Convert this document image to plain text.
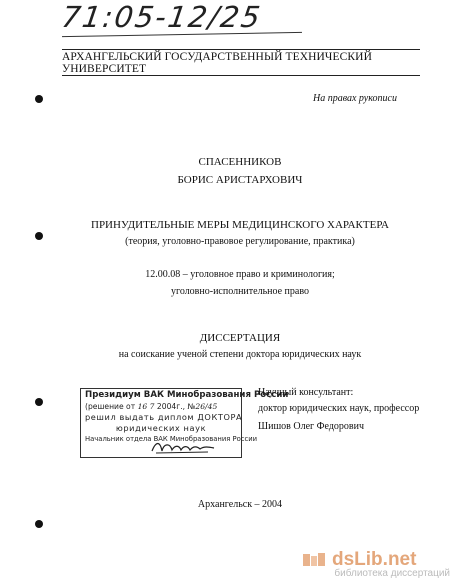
71:05-12/25
АРХАНГЕЛЬСКИЙ ГОСУДАРСТВЕННЫЙ ТЕХНИЧЕСКИЙ УНИВЕРСИТЕТ
На правах рукописи
СПАСЕННИКОВ
БОРИС АРИСТАРХОВИЧ
ПРИНУДИТЕЛЬНЫЕ МЕРЫ МЕДИЦИНСКОГО ХАРАКТЕРА
(теория, уголовно-правовое регулирование, практика)
12.00.08 – уголовное право и криминология;
уголовно-исполнительное право
ДИССЕРТАЦИЯ
на соискание ученой степени доктора юридических наук
Президиум ВАК Минобразования России
(решение от 16 7 2004г., №26/45
решил выдать диплом ДОКТОРА
юридических наук
Начальник отдела ВАК Минобразования России
Научный консультант:
доктор юридических наук, профессор
Шишов Олег Федорович
Архангельск – 2004
dsLib.net
библиотека диссертаций
